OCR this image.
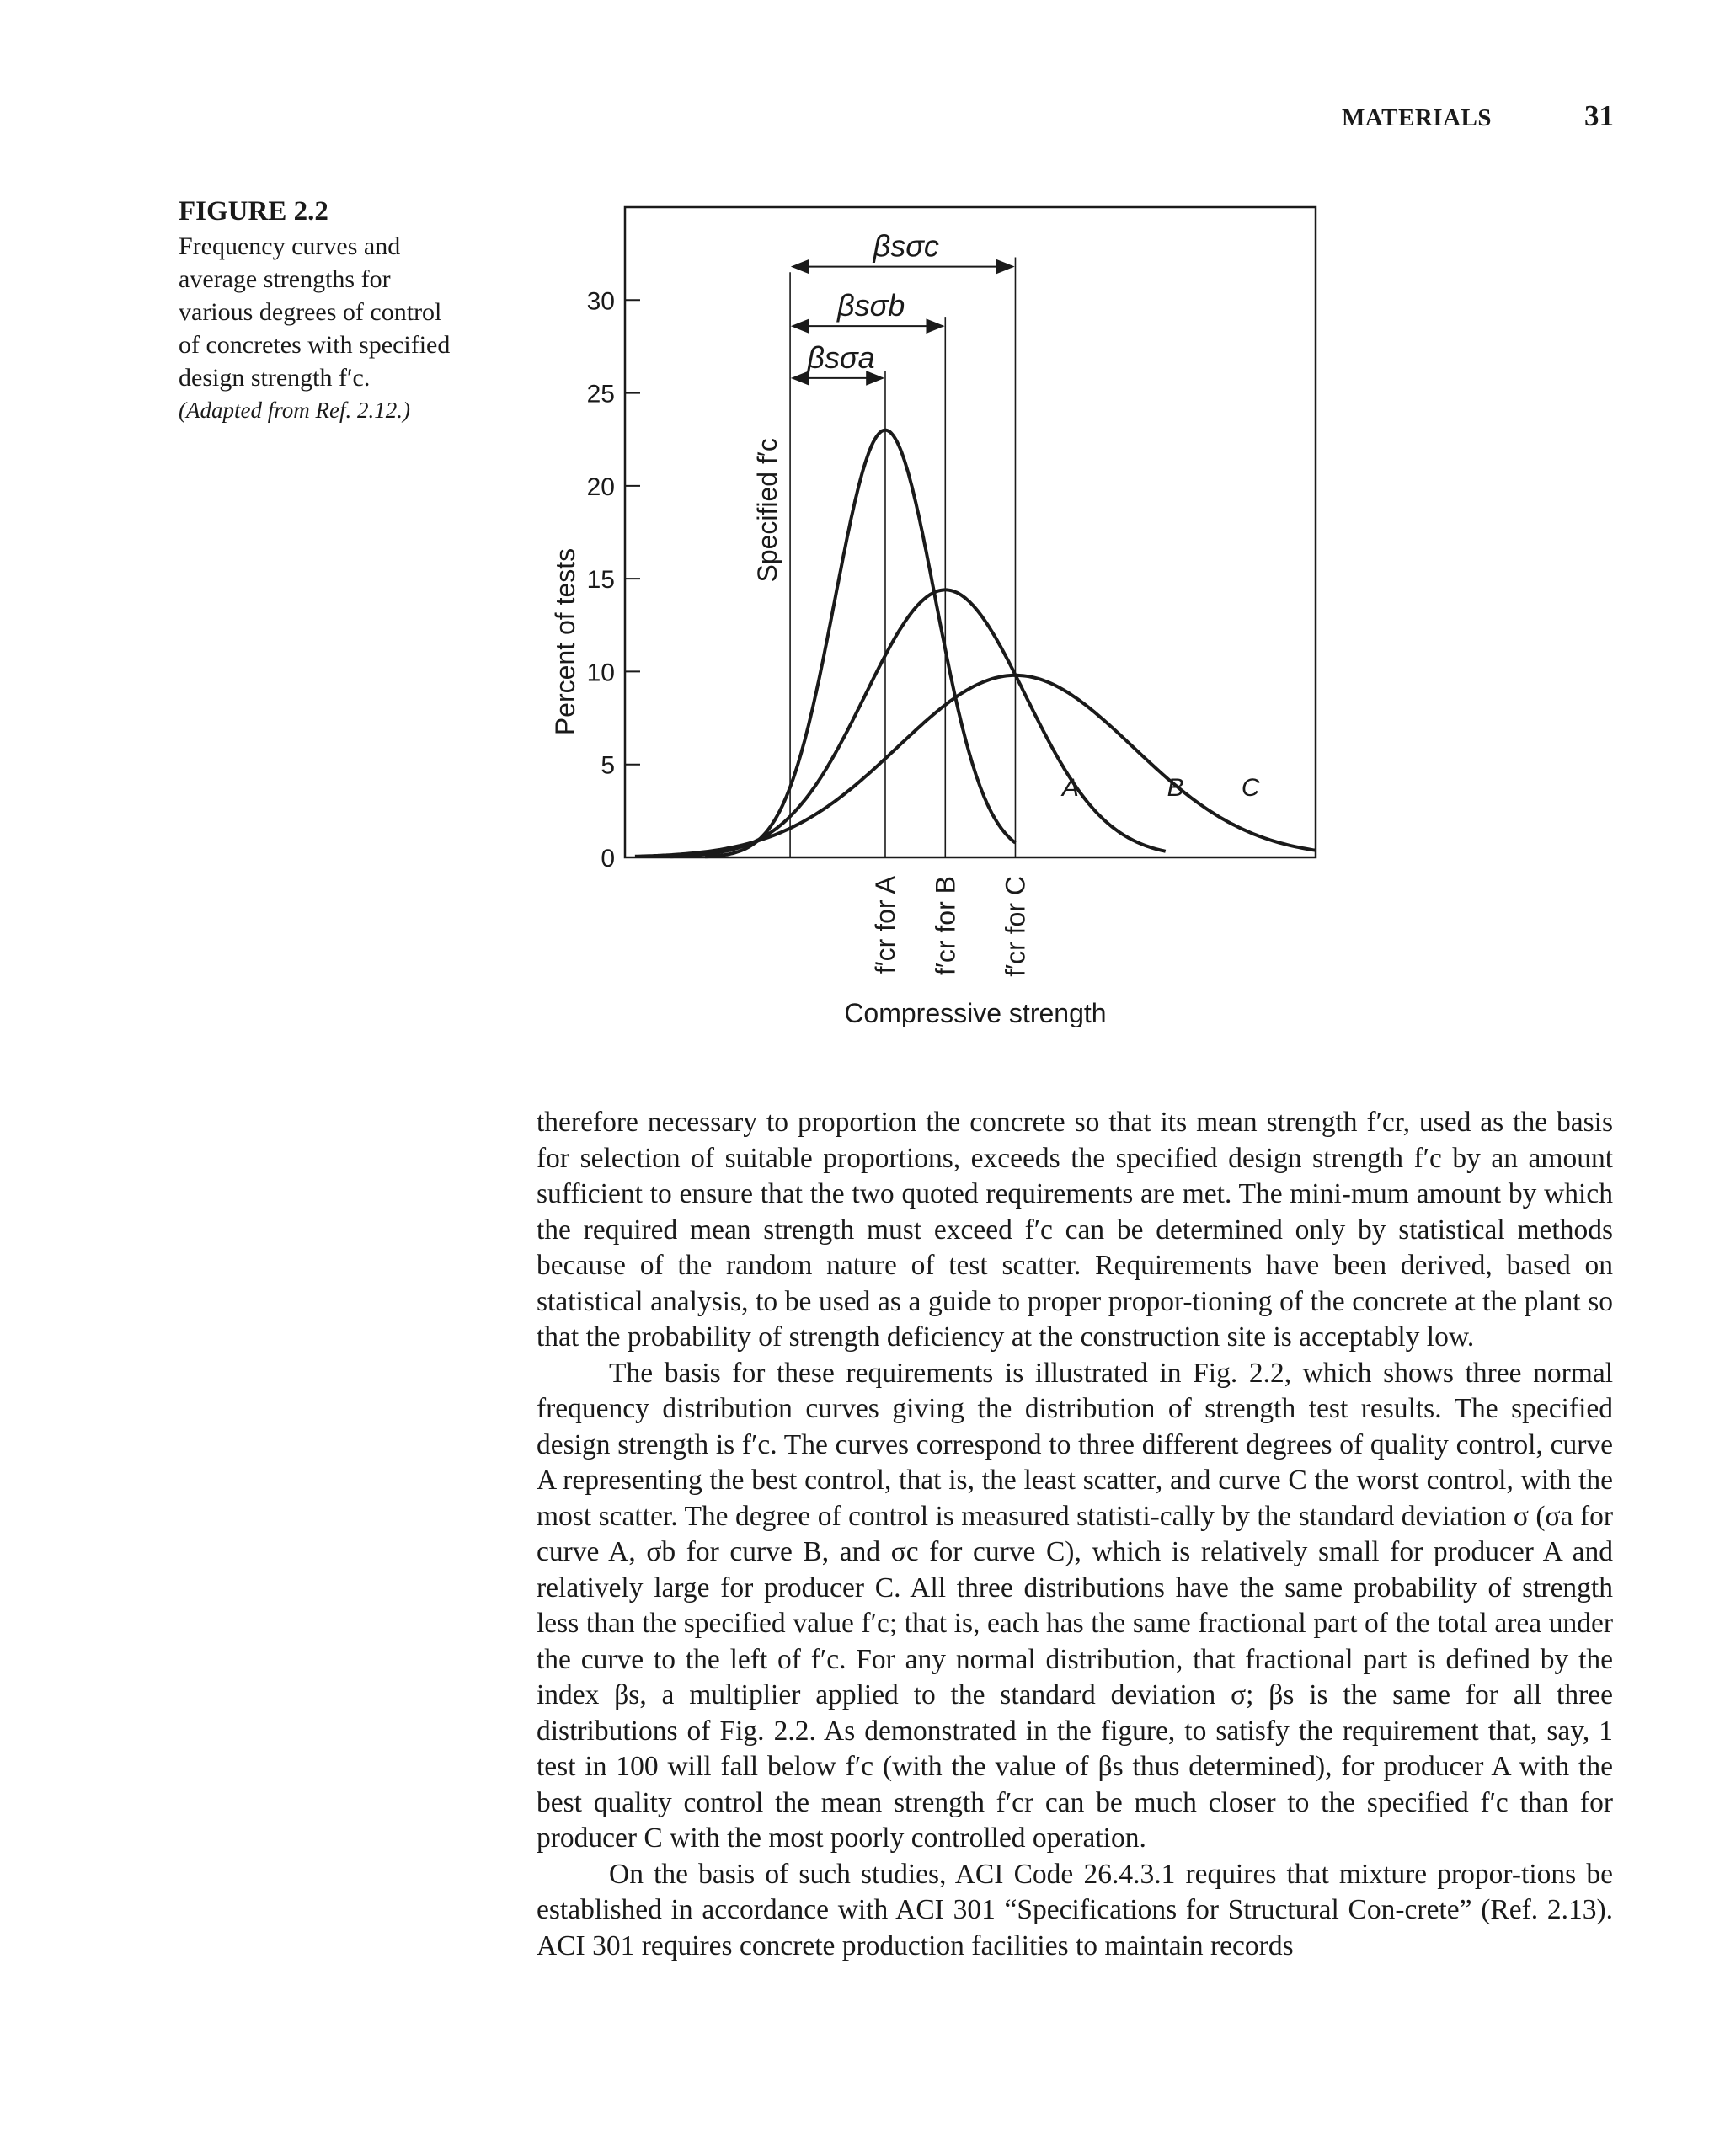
MATERIALS	31
FIGURE 2.2
Frequency curves and
average strengths for
various degrees of control
of concretes with specified
design strength f′c.
(Adapted from Ref. 2.12.)
0
5
10
15
20
25
30
Percent of tests
βsσa
βsσb
βsσc
Specified f′c
A	B C
f′cr for A f′cr for B f′cr for C
Compressive strength

therefore necessary to proportion the concrete so that its mean strength f′cr, used as the basis for selection of suitable proportions, exceeds the specified design strength f′c by an amount sufficient to ensure that the two quoted requirements are met. The mini-mum amount by which the required mean strength must exceed f′c can be determined only by statistical methods because of the random nature of test scatter. Requirements have been derived, based on statistical analysis, to be used as a guide to proper propor-tioning of the concrete at the plant so that the probability of strength deficiency at the construction site is acceptably low.

The basis for these requirements is illustrated in Fig. 2.2, which shows three normal frequency distribution curves giving the distribution of strength test results. The specified design strength is f′c. The curves correspond to three different degrees of quality control, curve A representing the best control, that is, the least scatter, and curve C the worst control, with the most scatter. The degree of control is measured statisti-cally by the standard deviation σ (σa for curve A, σb for curve B, and σc for curve C), which is relatively small for producer A and relatively large for producer C. All three distributions have the same probability of strength less than the specified value f′c; that is, each has the same fractional part of the total area under the curve to the left of f′c. For any normal distribution, that fractional part is defined by the index βs, a multiplier applied to the standard deviation σ; βs is the same for all three distributions of Fig. 2.2. As demonstrated in the figure, to satisfy the requirement that, say, 1 test in 100 will fall below f′c (with the value of βs thus determined), for producer A with the best quality control the mean strength f′cr can be much closer to the specified f′c than for producer C with the most poorly controlled operation.

On the basis of such studies, ACI Code 26.4.3.1 requires that mixture propor-tions be established in accordance with ACI 301 “Specifications for Structural Con-crete” (Ref. 2.13). ACI 301 requires concrete production facilities to maintain records
